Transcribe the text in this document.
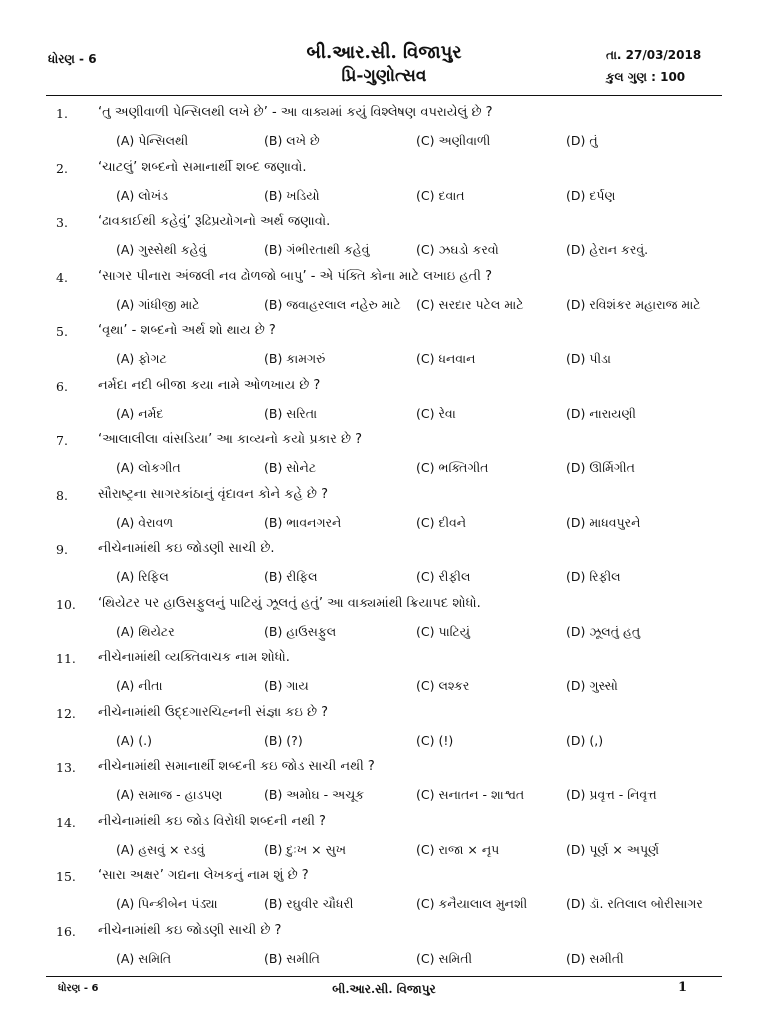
ધોરણ - 6	બી.આર.સી. વિજાપુર
પ્રિ-ગુણોત્સવ
તા. 27/03/2018
કુલ ગુણ : 100
1. ‘તુ અણીવાળી પેન્સિલથી લખે છે’ - આ વાક્યમાં કયું વિશ્લેષણ વપરાયેલું છે ?
(A) પેન્સિલથી	(B) લખે છે	(C) અણીવાળી	(D) તું
2. ‘ચાટલું’ શબ્દનો સમાનાર્થી શબ્દ જણાવો.
(A) લોખંડ	(B) ખડિયો	(C) દવાત	(D) દર્પણ
3. ‘ઢાવકાઈથી કહેવું’ રૂઢિપ્રયોગનો અર્થ જણાવો.
(A) ગુસ્સેથી કહેવું	(B) ગંભીરતાથી કહેવું	(C) ઝઘડો કરવો	(D) હેરાન કરવું.
4. ‘સાગર પીનારા અંજલી નવ ઢોળજો બાપુ’ - એ પંક્તિ કોના માટે લખાઇ હતી ?
(A) ગાંધીજી માટે	(B) જવાહરલાલ નહેરુ માટે (C) સરદાર પટેલ માટે	(D) રવિશંકર મહારાજ માટે
5. ‘વૃથા’ - શબ્દનો અર્થ શો થાય છે ?
(A) ફોગટ	(B) કામગરું	(C) ધનવાન	(D) પીડા
6. નર્મદા નદી બીજા કયા નામે ઓળખાય છે ?
(A) નર્મદ	(B) સરિતા	(C) રેવા	(D) નારાયણી
7. ‘આલાલીલા વાંસડિયા’ આ કાવ્યનો કયો પ્રકાર છે ?
(A) લોકગીત	(B) સોનેટ	(C) ભક્તિગીત	(D) ઊર્મિગીત
8. સૌરાષ્ટ્રના સાગરકાંઠાનું વૃંદાવન કોને કહે છે ?
(A) વેરાવળ	(B) ભાવનગરને	(C) દીવને	(D) માધવપુરને
9. નીચેનામાંથી કઇ જોડણી સાચી છે.
(A) રિફિલ	(B) રીફિલ	(C) રીફીલ	(D) રિફીલ
10. ‘થિયેટર પર હાઉસફુલનું પાટિયું ઝૂલતું હતું’ આ વાક્યમાંથી ક્રિયાપદ શોધો.
(A) થિયેટર	(B) હાઉસફુલ	(C) પાટિયું	(D) ઝૂલતું હતુ
11. નીચેનામાંથી વ્યક્તિવાચક નામ શોધો.
(A) નીતા	(B) ગાય	(C) લશ્કર	(D) ગુસ્સો
12. નીચેનામાંથી ઉદ્દગારચિહ્નની સંજ્ઞા કઇ છે ?
(A) (.)	(B) (?)	(C) (!)	(D) (,)
13. નીચેનામાંથી સમાનાર્થી શબ્દની કઇ જોડ સાચી નથી ?
(A) સમાજ - હાડપણ	(B) અમોઘ - અચૂક	(C) સનાતન - શાશ્વત	(D) પ્રવૃત્ત - નિવૃત્ત
14. નીચેનામાંથી કઇ જોડ વિરોધી શબ્દની નથી ?
(A) હસવું × રડવું	(B) દુઃખ × સુખ	(C) રાજા × નૃપ	(D) પૂર્ણ × અપૂર્ણ
15. ‘સારા અક્ષર’ ગદ્યના લેખકનું નામ શું છે ?
(A) પિન્કીબેન પંડ્યા	(B) રઘુવીર ચૌધરી	(C) કનૈયાલાલ મુનશી	(D) ડૉ. રતિલાલ બોરીસાગર
16. નીચેનામાંથી કઇ જોડણી સાચી છે ?
(A) સમિતિ	(B) સમીતિ	(C) સમિતી	(D) સમીતી
ધોરણ - 6	બી.આર.સી. વિજાપુર	1
